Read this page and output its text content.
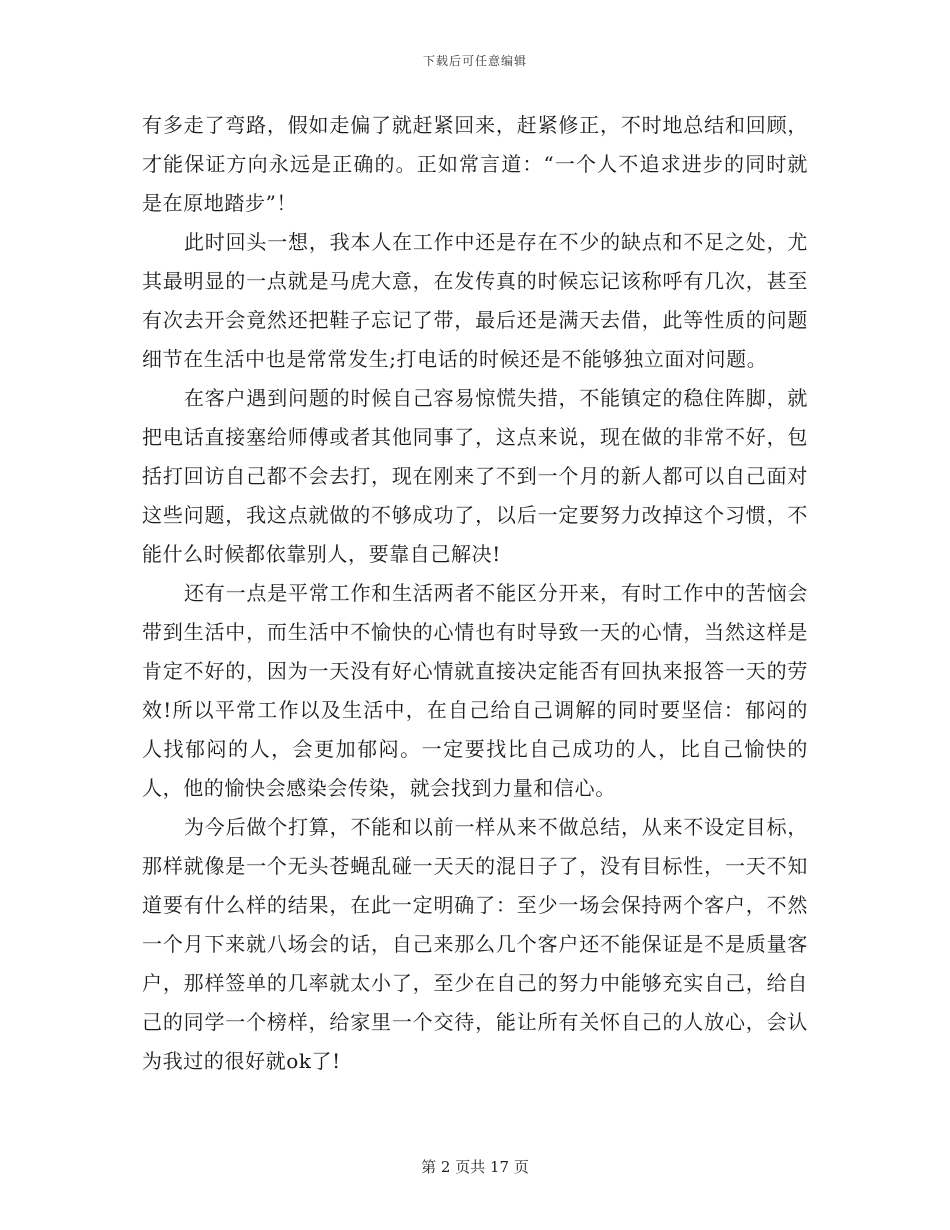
下载后可任意编辑

有多走了弯路，假如走偏了就赶紧回来，赶紧修正，不时地总结和回顾，才能保证方向永远是正确的。正如常言道：“一个人不追求进步的同时就是在原地踏步”！

此时回头一想，我本人在工作中还是存在不少的缺点和不足之处，尤其最明显的一点就是马虎大意，在发传真的时候忘记该称呼有几次，甚至有次去开会竟然还把鞋子忘记了带，最后还是满天去借，此等性质的问题细节在生活中也是常常发生;打电话的时候还是不能够独立面对问题。

在客户遇到问题的时候自己容易惊慌失措，不能镇定的稳住阵脚，就把电话直接塞给师傅或者其他同事了，这点来说，现在做的非常不好，包括打回访自己都不会去打，现在刚来了不到一个月的新人都可以自己面对这些问题，我这点就做的不够成功了，以后一定要努力改掉这个习惯，不能什么时候都依靠别人，要靠自己解决!

还有一点是平常工作和生活两者不能区分开来，有时工作中的苦恼会带到生活中，而生活中不愉快的心情也有时导致一天的心情，当然这样是肯定不好的，因为一天没有好心情就直接决定能否有回执来报答一天的劳效!所以平常工作以及生活中，在自己给自己调解的同时要坚信：郁闷的人找郁闷的人，会更加郁闷。一定要找比自己成功的人，比自己愉快的人，他的愉快会感染会传染，就会找到力量和信心。

为今后做个打算，不能和以前一样从来不做总结，从来不设定目标，那样就像是一个无头苍蝇乱碰一天天的混日子了，没有目标性，一天不知道要有什么样的结果，在此一定明确了：至少一场会保持两个客户，不然一个月下来就八场会的话，自己来那么几个客户还不能保证是不是质量客户，那样签单的几率就太小了，至少在自己的努力中能够充实自己，给自己的同学一个榜样，给家里一个交待，能让所有关怀自己的人放心，会认为我过的很好就ok了!

第 2 页共 17 页
